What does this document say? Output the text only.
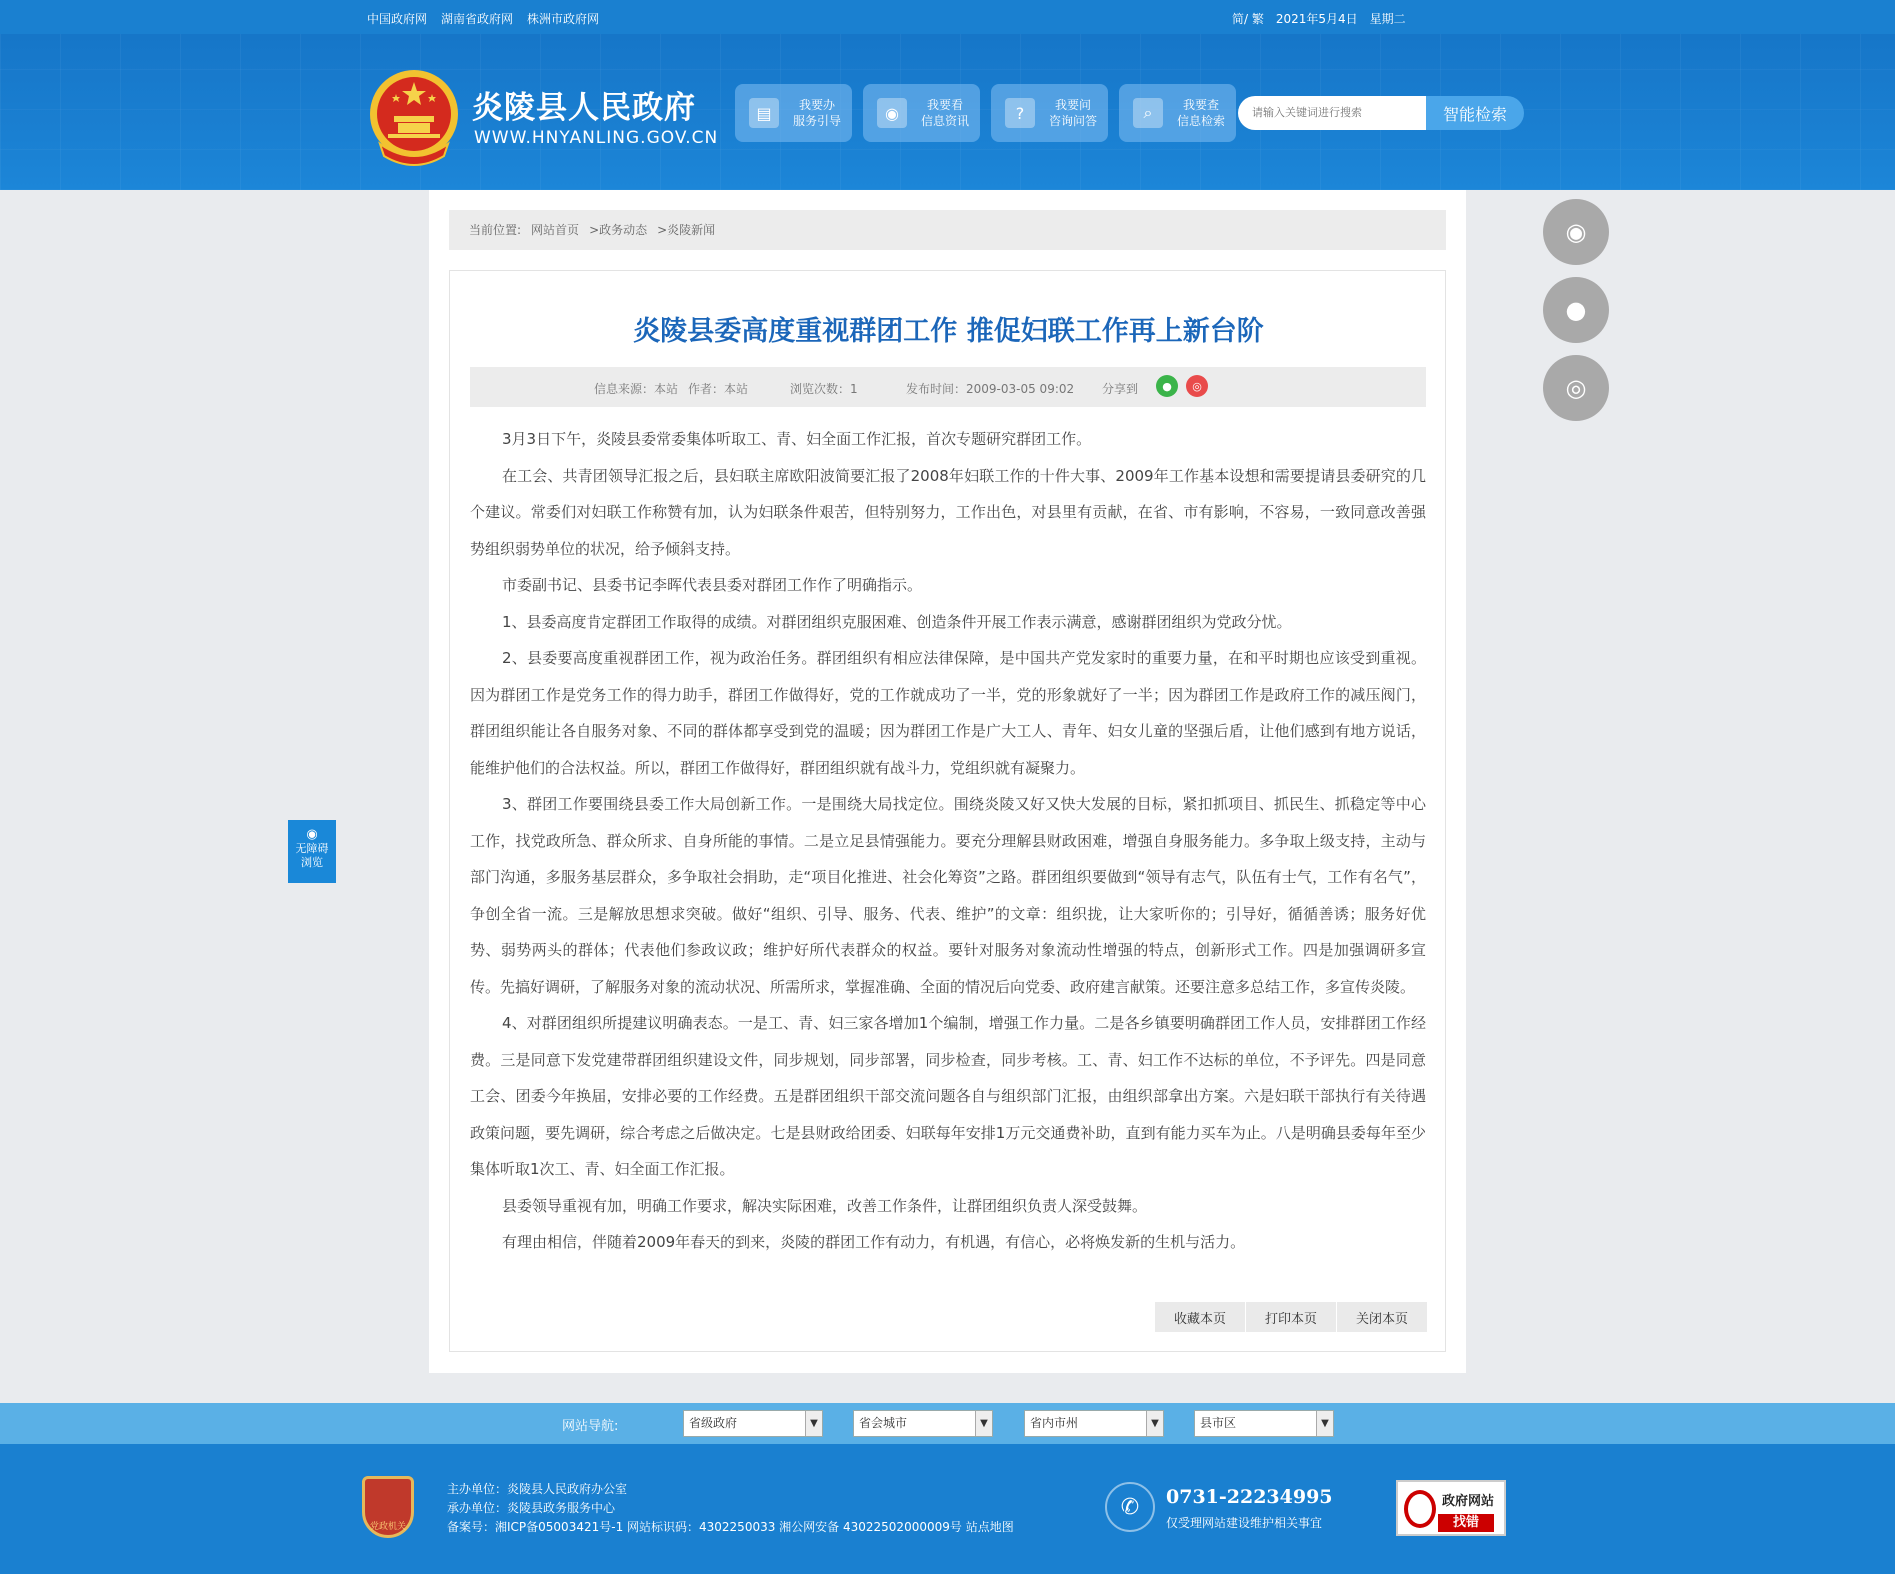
中国政府网 湖南省政府网 株洲市政府网	简/ 繁 2021年5月4日 星期二
炎陵县人民政府
WWW.HNYANLING.GOV.CN
▤	我要办
服务引导	◉	我要看
信息资讯	?	我要问
咨询问答	⌕	我要查
信息检索
请输入关键词进行搜索	智能检索
当前位置: 网站首页 >政务动态 >炎陵新闻
炎陵县委高度重视群团工作 推促妇联工作再上新台阶
信息来源：本站 作者：本站	浏览次数：1	发布时间：2009-03-05 09:02 分享到	●	◎

3月3日下午，炎陵县委常委集体听取工、青、妇全面工作汇报，首次专题研究群团工作。

在工会、共青团领导汇报之后，县妇联主席欧阳波简要汇报了2008年妇联工作的十件大事、2009年工作基本设想和需要提请县委研究的几个建议。常委们对妇联工作称赞有加，认为妇联条件艰苦，但特别努力，工作出色，对县里有贡献，在省、市有影响，不容易，一致同意改善强势组织弱势单位的状况，给予倾斜支持。

市委副书记、县委书记李晖代表县委对群团工作作了明确指示。

1、县委高度肯定群团工作取得的成绩。对群团组织克服困难、创造条件开展工作表示满意，感谢群团组织为党政分忧。

2、县委要高度重视群团工作，视为政治任务。群团组织有相应法律保障，是中国共产党发家时的重要力量，在和平时期也应该受到重视。因为群团工作是党务工作的得力助手，群团工作做得好，党的工作就成功了一半，党的形象就好了一半；因为群团工作是政府工作的减压阀门，群团组织能让各自服务对象、不同的群体都享受到党的温暖；因为群团工作是广大工人、青年、妇女儿童的坚强后盾，让他们感到有地方说话，能维护他们的合法权益。所以，群团工作做得好，群团组织就有战斗力，党组织就有凝聚力。

3、群团工作要围绕县委工作大局创新工作。一是围绕大局找定位。围绕炎陵又好又快大发展的目标，紧扣抓项目、抓民生、抓稳定等中心工作，找党政所急、群众所求、自身所能的事情。二是立足县情强能力。要充分理解县财政困难，增强自身服务能力。多争取上级支持，主动与部门沟通，多服务基层群众，多争取社会捐助，走“项目化推进、社会化筹资”之路。群团组织要做到“领导有志气，队伍有士气，工作有名气”，争创全省一流。三是解放思想求突破。做好“组织、引导、服务、代表、维护”的文章：组织拢，让大家听你的；引导好，循循善诱；服务好优势、弱势两头的群体；代表他们参政议政；维护好所代表群众的权益。要针对服务对象流动性增强的特点，创新形式工作。四是加强调研多宣传。先搞好调研，了解服务对象的流动状况、所需所求，掌握准确、全面的情况后向党委、政府建言献策。还要注意多总结工作，多宣传炎陵。

4、对群团组织所提建议明确表态。一是工、青、妇三家各增加1个编制，增强工作力量。二是各乡镇要明确群团工作人员，安排群团工作经费。三是同意下发党建带群团组织建设文件，同步规划，同步部署，同步检查，同步考核。工、青、妇工作不达标的单位，不予评先。四是同意工会、团委今年换届，安排必要的工作经费。五是群团组织干部交流问题各自与组织部门汇报，由组织部拿出方案。六是妇联干部执行有关待遇政策问题，要先调研，综合考虑之后做决定。七是县财政给团委、妇联每年安排1万元交通费补助，直到有能力买车为止。八是明确县委每年至少集体听取1次工、青、妇全面工作汇报。

县委领导重视有加，明确工作要求，解决实际困难，改善工作条件，让群团组织负责人深受鼓舞。

有理由相信，伴随着2009年春天的到来，炎陵的群团工作有动力，有机遇，有信心，必将焕发新的生机与活力。

收藏本页	打印本页	关闭本页
◉
●
◎
◉
无障碍
浏览
网站导航:	省级政府	▼	省会城市	▼	省内市州	▼	县市区	▼
党政机关
主办单位：炎陵县人民政府办公室
承办单位：炎陵县政务服务中心
备案号：湘ICP备05003421号-1 网站标识码：4302250033 湘公网安备 43022502000009号 站点地图
✆	0731-22234995
仅受理网站建设维护相关事宜
政府网站
找错
